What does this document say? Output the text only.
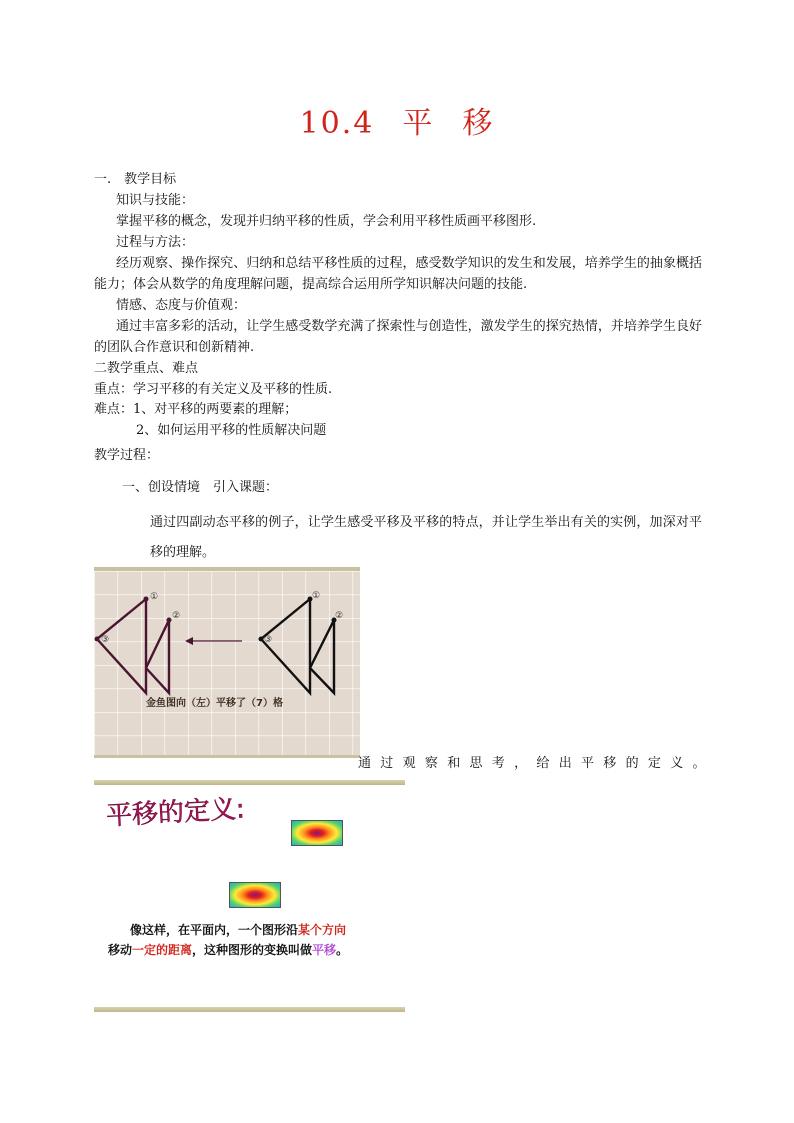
10.4 平 移
一.　教学目标
知识与技能：
掌握平移的概念，发现并归纳平移的性质，学会利用平移性质画平移图形.
过程与方法：
经历观察、操作探究、归纳和总结平移性质的过程，感受数学知识的发生和发展，培养学生的抽象概括能力；体会从数学的角度理解问题，提高综合运用所学知识解决问题的技能.
情感、态度与价值观：
通过丰富多彩的活动，让学生感受数学充满了探索性与创造性，激发学生的探究热情，并培养学生良好的团队合作意识和创新精神.
二教学重点、难点
重点：学习平移的有关定义及平移的性质.
难点：1、对平移的两要素的理解；
2、如何运用平移的性质解决问题
教学过程：
一、创设情境　引入课题：
通过四副动态平移的例子，让学生感受平移及平移的特点，并让学生举出有关的实例，加深对平移的理解。
①
②
③
①
②
③
金鱼图向（左）平移了（7）格
通过观察和思考，给出平移的定义。
平移的定义:
像这样，在平面内，一个图形沿某个方向
移动一定的距离，这种图形的变换叫做平移。
